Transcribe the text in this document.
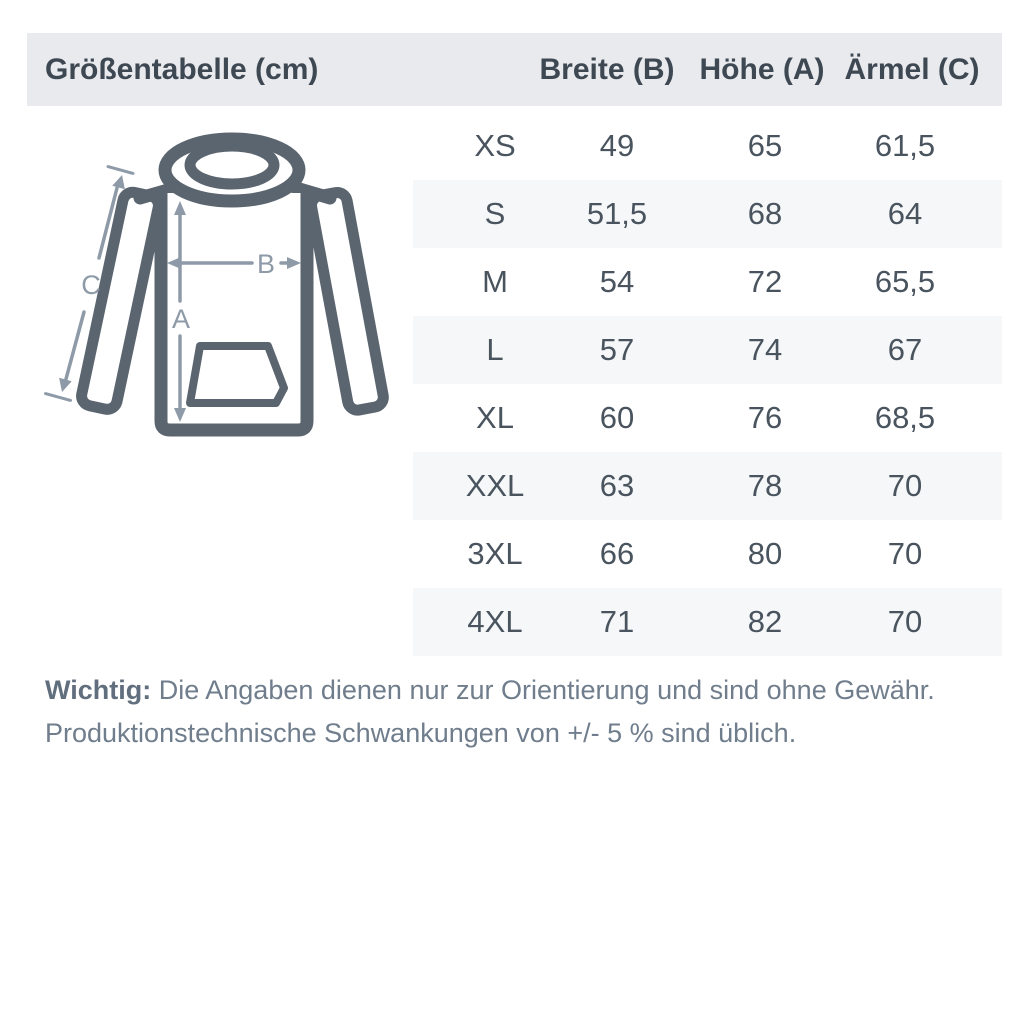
Größentabelle (cm)	Breite (B) Höhe (A) Ärmel (C)
A
B
C
XS	49	65	61,5
S	51,5	68	64
M	54	72	65,5
L	57	74	67
XL	60	76	68,5
XXL 63	78	70
3XL 66	80	70
4XL 71	82	70
Wichtig: Die Angaben dienen nur zur Orientierung und sind ohne Gewähr.
Produktionstechnische Schwankungen von +/- 5 % sind üblich.
